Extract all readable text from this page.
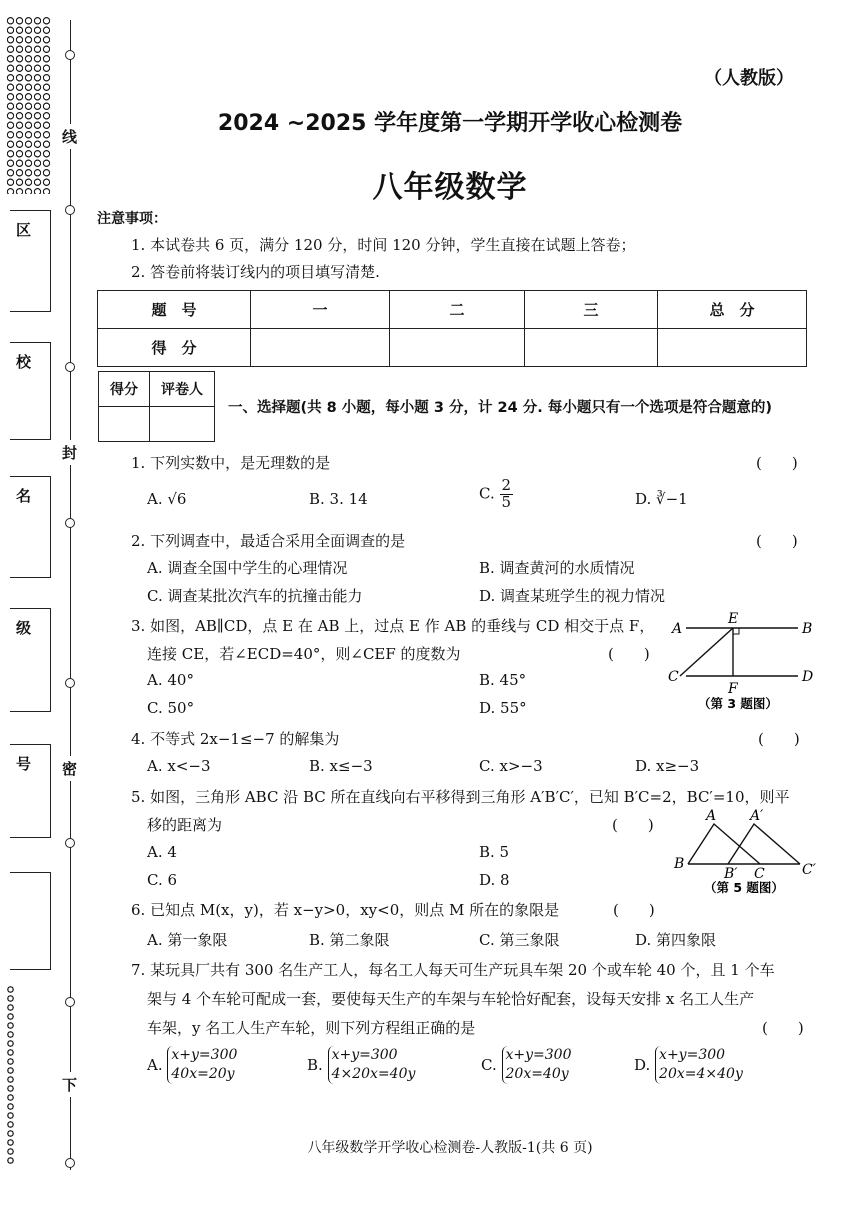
线
封
密
下
区
校
名
级
号
（人教版）
2024 ~2025 学年度第一学期开学收心检测卷
八年级数学
注意事项：
1. 本试卷共 6 页，满分 120 分，时间 120 分钟，学生直接在试题上答卷；
2. 答卷前将装订线内的项目填写清楚.
题　号	一	二	三	总　分
得　分				
得分	评卷人

一、选择题(共 8 小题，每小题 3 分，计 24 分. 每小题只有一个选项是符合题意的)
1. 下列实数中，是无理数的是	(　　)
A. √6	B. 3. 14	C. $\frac{2}{5}$	D. ∛−1
2. 下列调查中，最适合采用全面调查的是	(　　)
A. 调查全国中学生的心理情况	B. 调查黄河的水质情况
C. 调查某批次汽车的抗撞击能力	D. 调查某班学生的视力情况
3. 如图，AB∥CD，点 E 在 AB 上，过点 E 作 AB 的垂线与 CD 相交于点 F，
连接 CE，若∠ECD=40°，则∠CEF 的度数为	(　　)
A. 40°	B. 45°
C. 50°	D. 55°
A
E
B
C
F
D
（第 3 题图）
4. 不等式 2x−1≤−7 的解集为	(　　)
A. x<−3	B. x≤−3	C. x>−3	D. x≥−3
5. 如图，三角形 ABC 沿 BC 所在直线向右平移得到三角形 A′B′C′，已知 B′C=2，BC′=10，则平
移的距离为	(　　)
A. 4	B. 5
C. 6	D. 8
A A′
B
B′ C	C′
（第 5 题图）
6. 已知点 M(x，y)，若 x−y>0，xy<0，则点 M 所在的象限是	(　　)
A. 第一象限	B. 第二象限	C. 第三象限	D. 第四象限
7. 某玩具厂共有 300 名生产工人，每名工人每天可生产玩具车架 20 个或车轮 40 个，且 1 个车
架与 4 个车轮可配成一套，要使每天生产的车架与车轮恰好配套，设每天安排 x 名工人生产
车架，y 名工人生产车轮，则下列方程组正确的是	(　　)
A. x+y=300
40x=20y	B. x+y=300
4×20x=40y	C. x+y=300
20x=40y	D. x+y=300
20x=4×40y
八年级数学开学收心检测卷-人教版-1(共 6 页)
